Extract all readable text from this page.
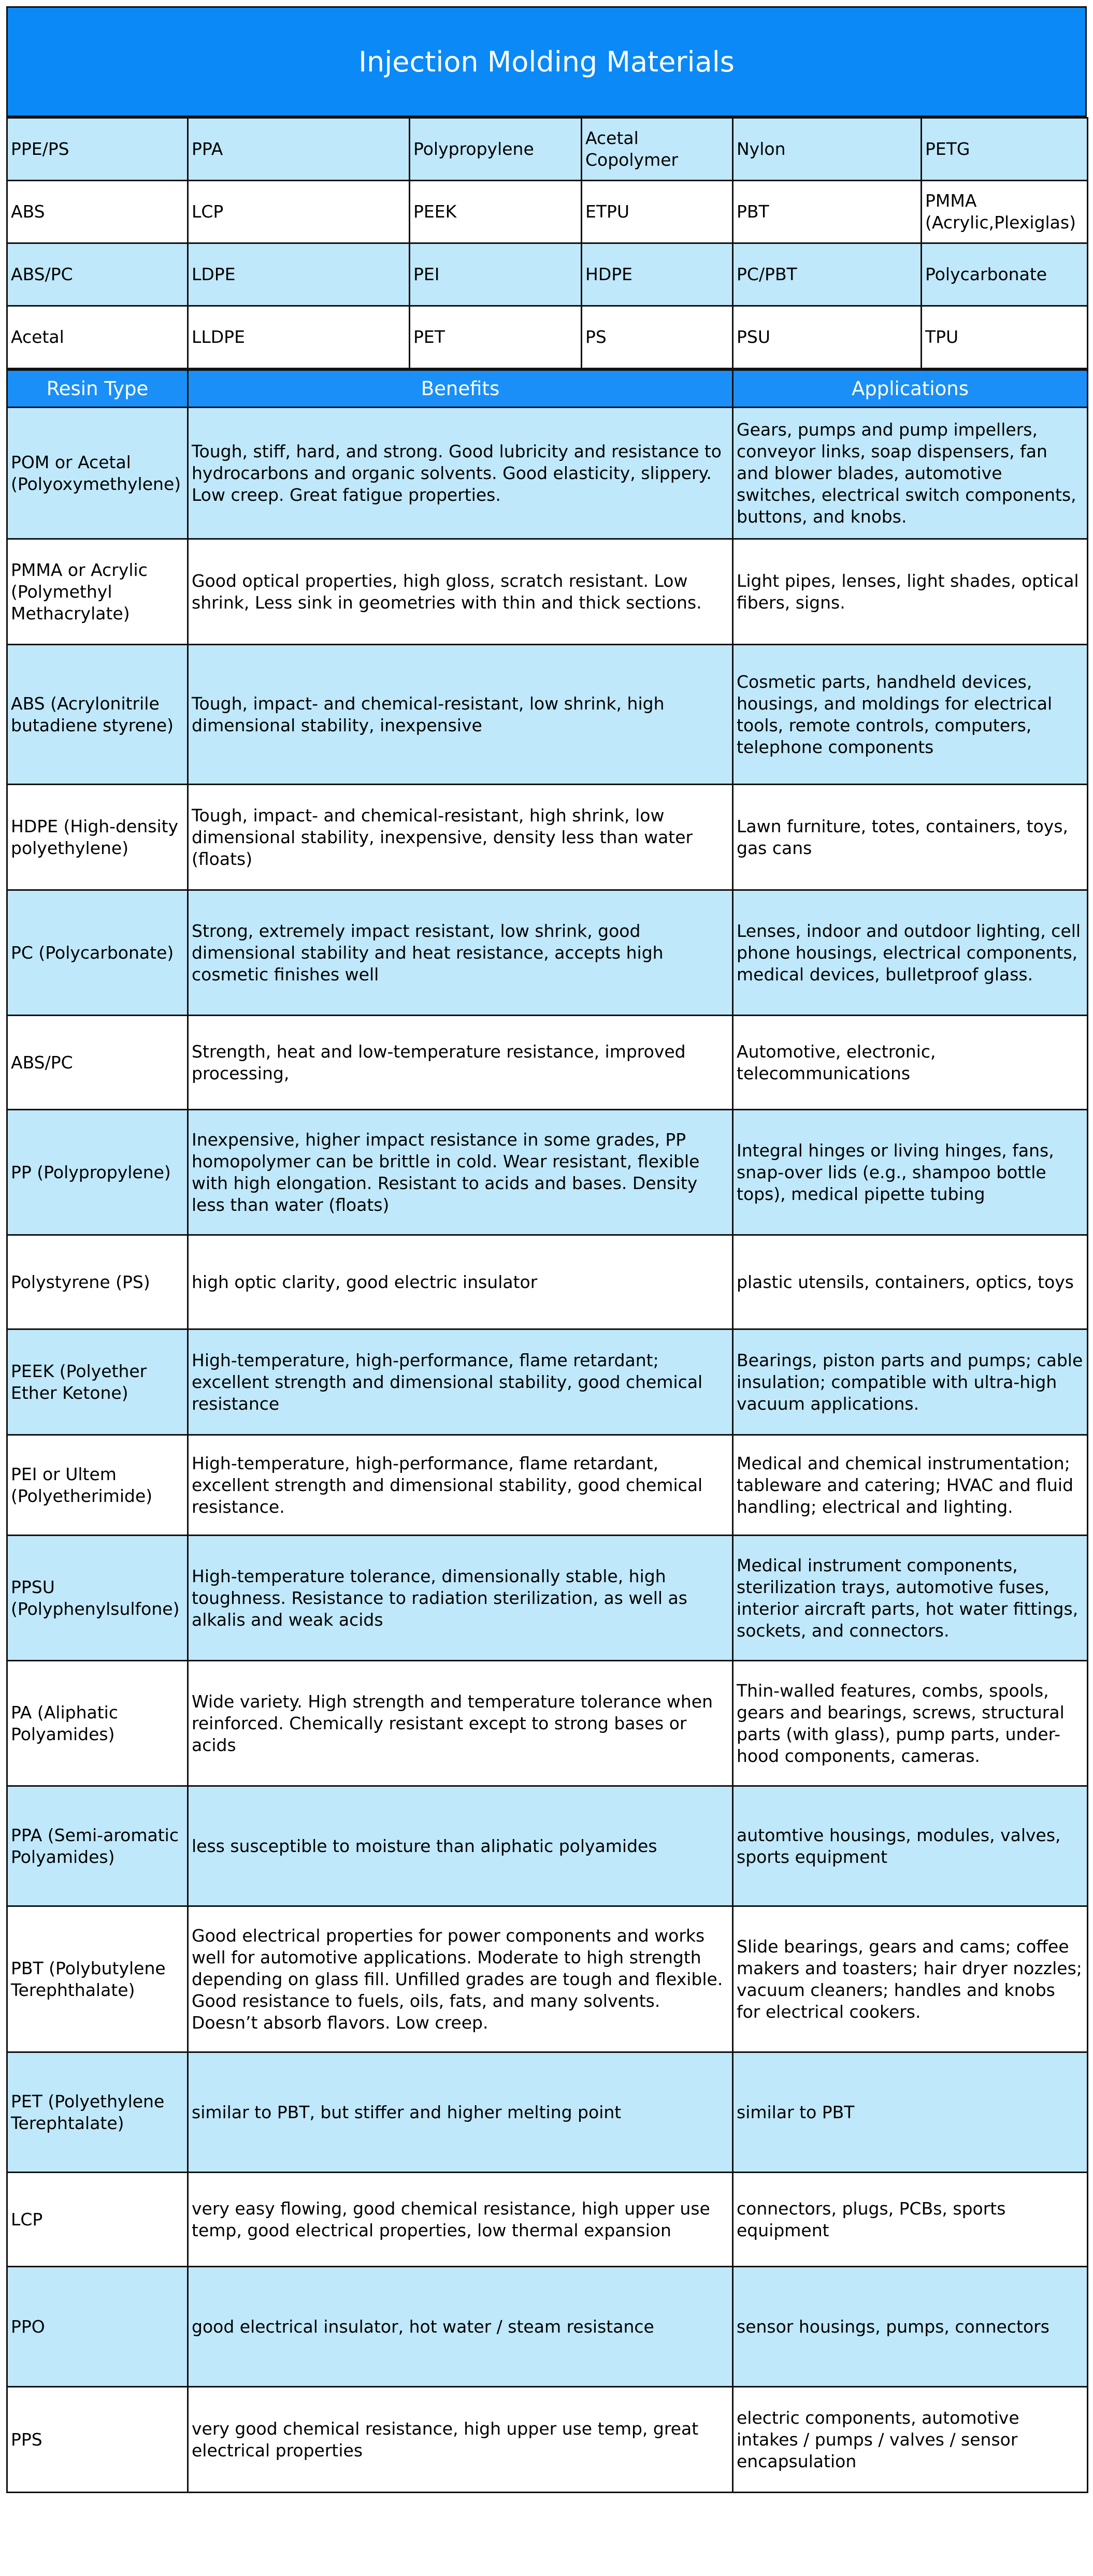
Injection Molding Materials
PPE/PS	PPA	Polypropylene	Acetal Copolymer	Nylon	PETG
ABS	LCP	PEEK	ETPU	PBT	PMMA (Acrylic,Plexiglas)
ABS/PC	LDPE	PEI	HDPE	PC/PBT	Polycarbonate
Acetal	LLDPE	PET	PS	PSU	TPU
Resin Type	Benefits	Applications
POM or Acetal (Polyoxymethylene)	Tough, stiff, hard, and strong. Good lubricity and resistance to hydrocarbons and organic solvents. Good elasticity, slippery. Low creep. Great fatigue properties.	Gears, pumps and pump impellers, conveyor links, soap dispensers, fan and blower blades, automotive switches, electrical switch components, buttons, and knobs.
PMMA or Acrylic (Polymethyl Methacrylate)	Good optical properties, high gloss, scratch resistant. Low shrink, Less sink in geometries with thin and thick sections.	Light pipes, lenses, light shades, optical fibers, signs.
ABS (Acrylonitrile butadiene styrene)	Tough, impact- and chemical-resistant, low shrink, high dimensional stability, inexpensive	Cosmetic parts, handheld devices, housings, and moldings for electrical tools, remote controls, computers, telephone components
HDPE (High-density polyethylene)	Tough, impact- and chemical-resistant, high shrink, low dimensional stability, inexpensive, density less than water (floats)	Lawn furniture, totes, containers, toys, gas cans
PC (Polycarbonate)	Strong, extremely impact resistant, low shrink, good dimensional stability and heat resistance, accepts high cosmetic finishes well	Lenses, indoor and outdoor lighting, cell phone housings, electrical components, medical devices, bulletproof glass.
ABS/PC	Strength, heat and low-temperature resistance, improved processing,	Automotive, electronic, telecommunications
PP (Polypropylene)	Inexpensive, higher impact resistance in some grades, PP homopolymer can be brittle in cold. Wear resistant, flexible with high elongation. Resistant to acids and bases. Density less than water (floats)	Integral hinges or living hinges, fans, snap-over lids (e.g., shampoo bottle tops), medical pipette tubing
Polystyrene (PS)	high optic clarity, good electric insulator	plastic utensils, containers, optics, toys
PEEK (Polyether Ether Ketone)	High-temperature, high-performance, flame retardant; excellent strength and dimensional stability, good chemical resistance	Bearings, piston parts and pumps; cable insulation; compatible with ultra-high vacuum applications.
PEI or Ultem (Polyetherimide)	High-temperature, high-performance, flame retardant, excellent strength and dimensional stability, good chemical resistance.	Medical and chemical instrumentation; tableware and catering; HVAC and fluid handling; electrical and lighting.
PPSU (Polyphenylsulfone)	High-temperature tolerance, dimensionally stable, high toughness. Resistance to radiation sterilization, as well as alkalis and weak acids	Medical instrument components, sterilization trays, automotive fuses, interior aircraft parts, hot water fittings, sockets, and connectors.
PA (Aliphatic Polyamides)	Wide variety. High strength and temperature tolerance when reinforced. Chemically resistant except to strong bases or acids	Thin-walled features, combs, spools, gears and bearings, screws, structural parts (with glass), pump parts, under-hood components, cameras.
PPA (Semi-aromatic Polyamides)	less susceptible to moisture than aliphatic polyamides	automtive housings, modules, valves, sports equipment
PBT (Polybutylene Terephthalate)	Good electrical properties for power components and works well for automotive applications. Moderate to high strength depending on glass fill. Unfilled grades are tough and flexible. Good resistance to fuels, oils, fats, and many solvents. Doesn’t absorb flavors. Low creep.	Slide bearings, gears and cams; coffee makers and toasters; hair dryer nozzles; vacuum cleaners; handles and knobs for electrical cookers.
PET (Polyethylene Terephtalate)	similar to PBT, but stiffer and higher melting point	similar to PBT
LCP	very easy flowing, good chemical resistance, high upper use temp, good electrical properties, low thermal expansion	connectors, plugs, PCBs, sports equipment
PPO	good electrical insulator, hot water / steam resistance	sensor housings, pumps, connectors
PPS	very good chemical resistance, high upper use temp, great electrical properties	electric components, automotive intakes / pumps / valves / sensor encapsulation
